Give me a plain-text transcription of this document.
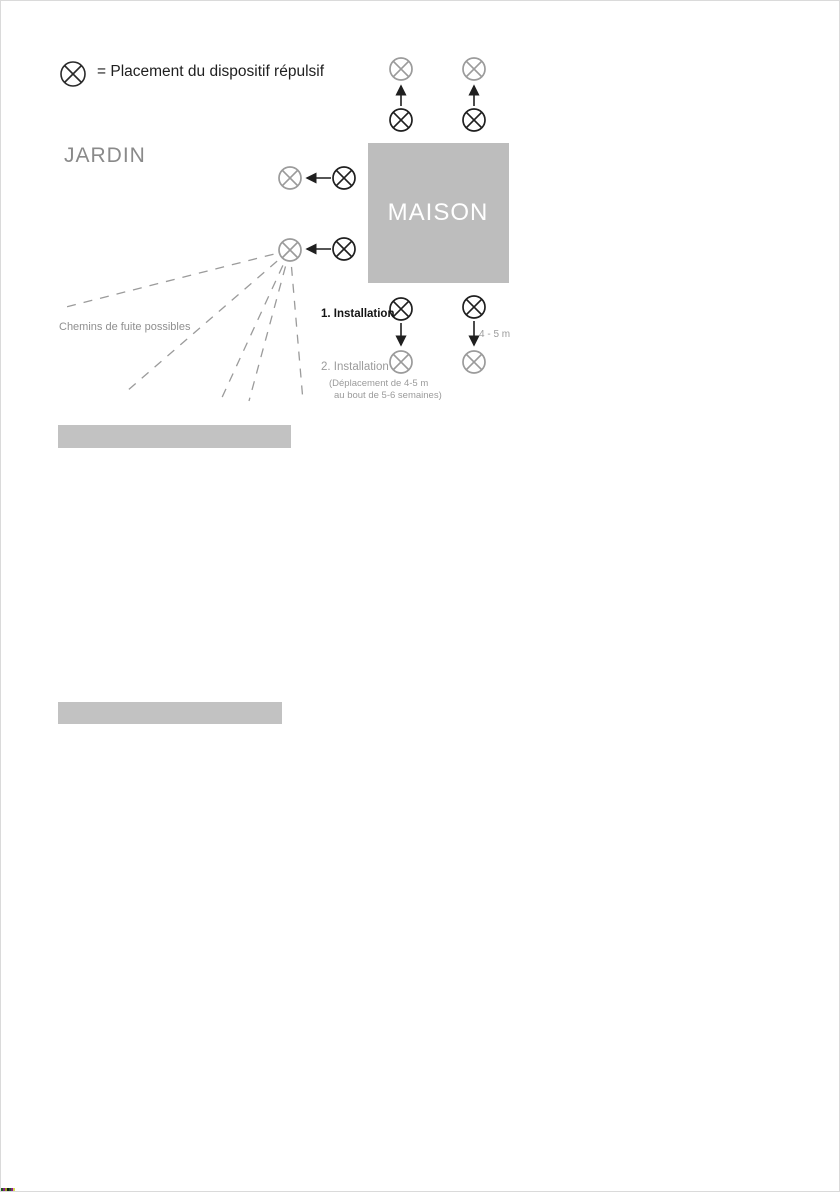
= Placement du dispositif répulsif
JARDIN
MAISON
Chemins de fuite possibles
1. Installation
2. Installation
(Déplacement de 4-5 m
au bout de 5-6 semaines)
4 - 5 m
